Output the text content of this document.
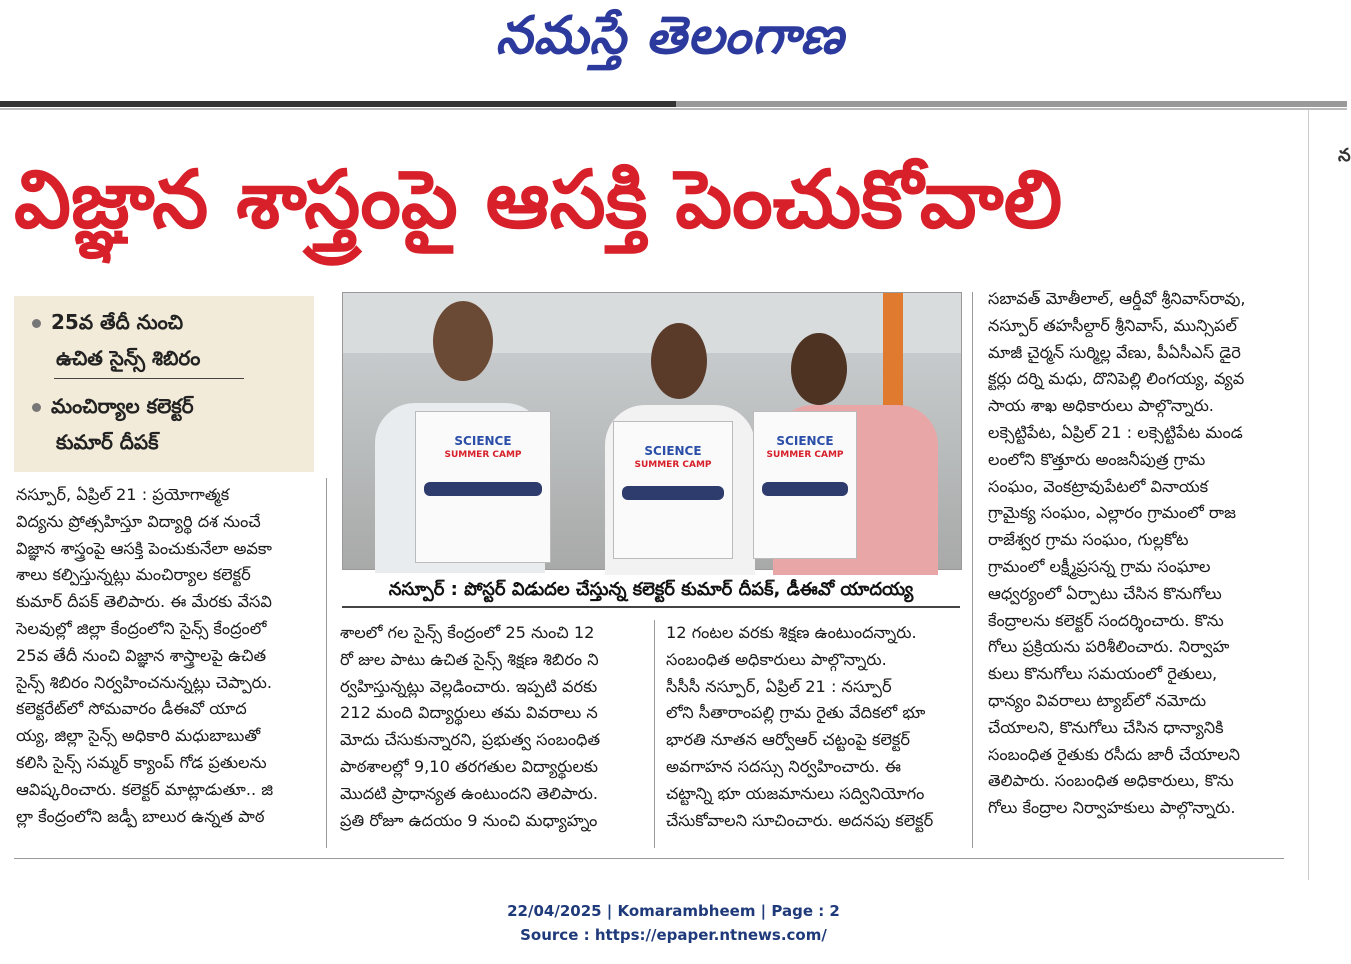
నమస్తే తెలంగాణ
న
విజ్ఞాన శాస్త్రంపై ఆసక్తి పెంచుకోవాలి
25వ తేదీ నుంచి
ఉచిత సైన్స్ శిబిరం
మంచిర్యాల కలెక్టర్
కుమార్ దీపక్	SCIENCE
SUMMER CAMP	SCIENCE
SUMMER CAMP
SCIENCE
SUMMER CAMP
నస్పూర్ : పోస్టర్ విడుదల చేస్తున్న కలెక్టర్ కుమార్ దీపక్, డీఈవో యాదయ్య

నస్పూర్, ఏప్రిల్ 21 : ప్రయోగాత్మక

విద్యను ప్రోత్సహిస్తూ విద్యార్థి దశ నుంచే

విజ్ఞాన శాస్త్రంపై ఆసక్తి పెంచుకునేలా అవకా

శాలు కల్పిస్తున్నట్లు మంచిర్యాల కలెక్టర్

కుమార్ దీపక్ తెలిపారు. ఈ మేరకు వేసవి

సెలవుల్లో జిల్లా కేంద్రంలోని సైన్స్ కేంద్రంలో

25వ తేదీ నుంచి విజ్ఞాన శాస్త్రాలపై ఉచిత

సైన్స్ శిబిరం నిర్వహించనున్నట్లు చెప్పారు.

కలెక్టరేట్‌లో సోమవారం డీఈవో యాద

య్య, జిల్లా సైన్స్ అధికారి మధుబాబుతో

కలిసి సైన్స్ సమ్మర్ క్యాంప్ గోడ ప్రతులను

ఆవిష్కరించారు. కలెక్టర్ మాట్లాడుతూ.. జి

ల్లా కేంద్రంలోని జడ్పీ బాలుర ఉన్నత పాఠ

శాలలో గల సైన్స్ కేంద్రంలో 25 నుంచి 12

రో జుల పాటు ఉచిత సైన్స్ శిక్షణ శిబిరం ని

ర్వహిస్తున్నట్లు వెల్లడించారు. ఇప్పటి వరకు

212 మంది విద్యార్థులు తమ వివరాలు న

మోదు చేసుకున్నారని, ప్రభుత్వ సంబంధిత

పాఠశాలల్లో 9,10 తరగతుల విద్యార్థులకు

మొదటి ప్రాధాన్యత ఉంటుందని తెలిపారు.

ప్రతి రోజూ ఉదయం 9 నుంచి మధ్యాహ్నం

12 గంటల వరకు శిక్షణ ఉంటుందన్నారు.

సంబంధిత అధికారులు పాల్గొన్నారు.

సీసీసీ నస్పూర్, ఏప్రిల్ 21 : నస్పూర్

లోని సీతారాంపల్లి గ్రామ రైతు వేదికలో భూ

భారతి నూతన ఆర్వోఆర్ చట్టంపై కలెక్టర్

అవగాహన సదస్సు నిర్వహించారు. ఈ

చట్టాన్ని భూ యజమానులు సద్వినియోగం

చేసుకోవాలని సూచించారు. అదనపు కలెక్టర్

సబావత్ మోతీలాల్, ఆర్డీవో శ్రీనివాస్‌రావు,

నస్పూర్ తహసీల్దార్ శ్రీనివాస్, మున్సిపల్

మాజీ చైర్మన్ సుర్మిల్ల వేణు, పీఏసీఎస్ డైరె

క్టర్లు దర్ని మధు, దొనిపెల్లి లింగయ్య, వ్యవ

సాయ శాఖ అధికారులు పాల్గొన్నారు.

లక్సెట్టిపేట, ఏప్రిల్ 21 : లక్సెట్టిపేట మండ

లంలోని కొత్తూరు అంజనీపుత్ర గ్రామ

సంఘం, వెంకట్రావుపేటలో వినాయక

గ్రామైక్య సంఘం, ఎల్లారం గ్రామంలో రాజ

రాజేశ్వర గ్రామ సంఘం, గుల్లకోట

గ్రామంలో లక్ష్మీప్రసన్న గ్రామ సంఘాల

ఆధ్వర్యంలో ఏర్పాటు చేసిన కొనుగోలు

కేంద్రాలను కలెక్టర్ సందర్శించారు. కొను

గోలు ప్రక్రియను పరిశీలించారు. నిర్వాహ

కులు కొనుగోలు సమయంలో రైతులు,

ధాన్యం వివరాలు ట్యాబ్‌లో నమోదు

చేయాలని, కొనుగోలు చేసిన ధాన్యానికి

సంబంధిత రైతుకు రసీదు జారీ చేయాలని

తెలిపారు. సంబంధిత అధికారులు, కొను

గోలు కేంద్రాల నిర్వాహకులు పాల్గొన్నారు.

22/04/2025 | Komarambheem | Page : 2
Source : https://epaper.ntnews.com/
